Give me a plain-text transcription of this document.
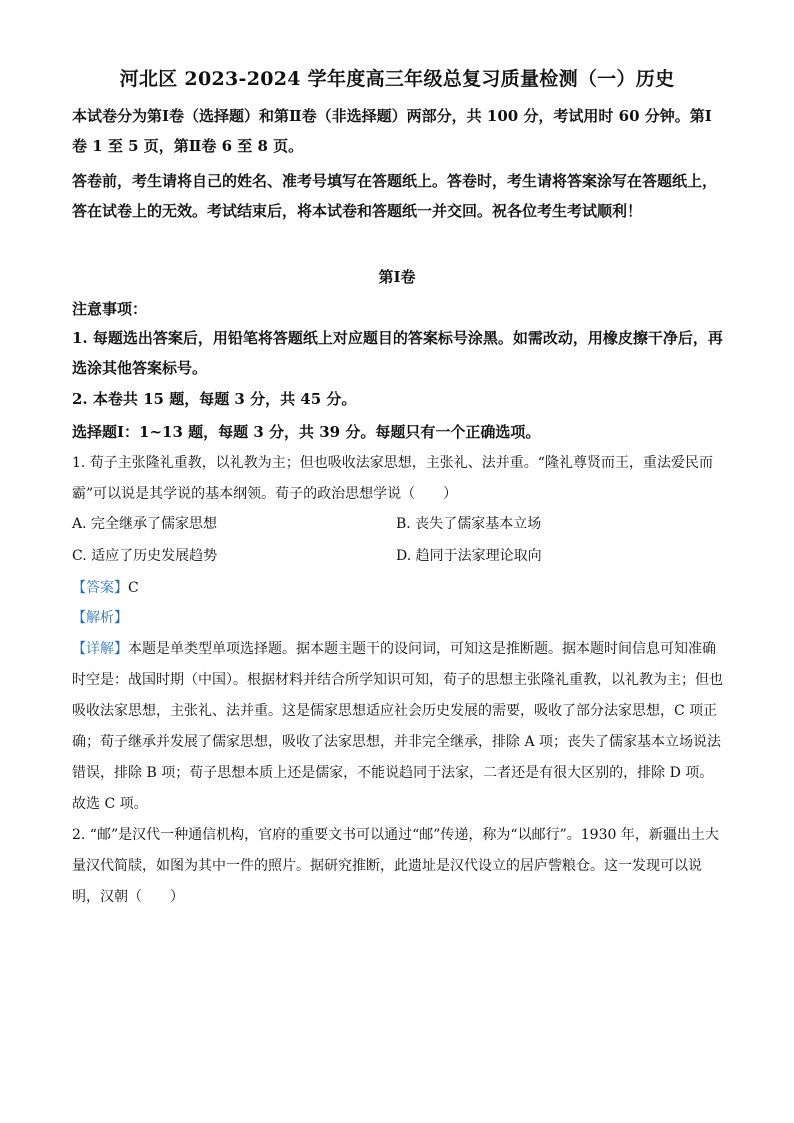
河北区 2023-2024 学年度高三年级总复习质量检测（一）历史

本试卷分为第Ⅰ卷（选择题）和第Ⅱ卷（非选择题）两部分，共 100 分，考试用时 60 分钟。第Ⅰ卷 1 至 5 页，第Ⅱ卷 6 至 8 页。

答卷前，考生请将自己的姓名、准考号填写在答题纸上。答卷时，考生请将答案涂写在答题纸上，答在试卷上的无效。考试结束后，将本试卷和答题纸一并交回。祝各位考生考试顺利！

第Ⅰ卷
注意事项：

1. 每题选出答案后，用铅笔将答题纸上对应题目的答案标号涂黑。如需改动，用橡皮擦干净后，再选涂其他答案标号。

2. 本卷共 15 题，每题 3 分，共 45 分。
选择题Ⅰ：1~13 题，每题 3 分，共 39 分。每题只有一个正确选项。

1. 荀子主张隆礼重教，以礼教为主；但也吸收法家思想，主张礼、法并重。“隆礼尊贤而王，重法爱民而霸”可以说是其学说的基本纲领。荀子的政治思想学说（　　）

A. 完全继承了儒家思想	B. 丧失了儒家基本立场
C. 适应了历史发展趋势	D. 趋同于法家理论取向
【答案】C
【解析】

【详解】本题是单类型单项选择题。据本题主题干的设问词，可知这是推断题。据本题时间信息可知准确时空是：战国时期（中国）。根据材料并结合所学知识可知，荀子的思想主张隆礼重教，以礼教为主；但也吸收法家思想，主张礼、法并重。这是儒家思想适应社会历史发展的需要，吸收了部分法家思想，C 项正确；荀子继承并发展了儒家思想，吸收了法家思想，并非完全继承，排除 A 项；丧失了儒家基本立场说法错误，排除 B 项；荀子思想本质上还是儒家，不能说趋同于法家，二者还是有很大区别的，排除 D 项。

故选 C 项。

2. “邮”是汉代一种通信机构，官府的重要文书可以通过“邮”传递，称为“以邮行”。1930 年，新疆出土大量汉代简牍，如图为其中一件的照片。据研究推断，此遗址是汉代设立的居庐訾粮仓。这一发现可以说明，汉朝（　　）
